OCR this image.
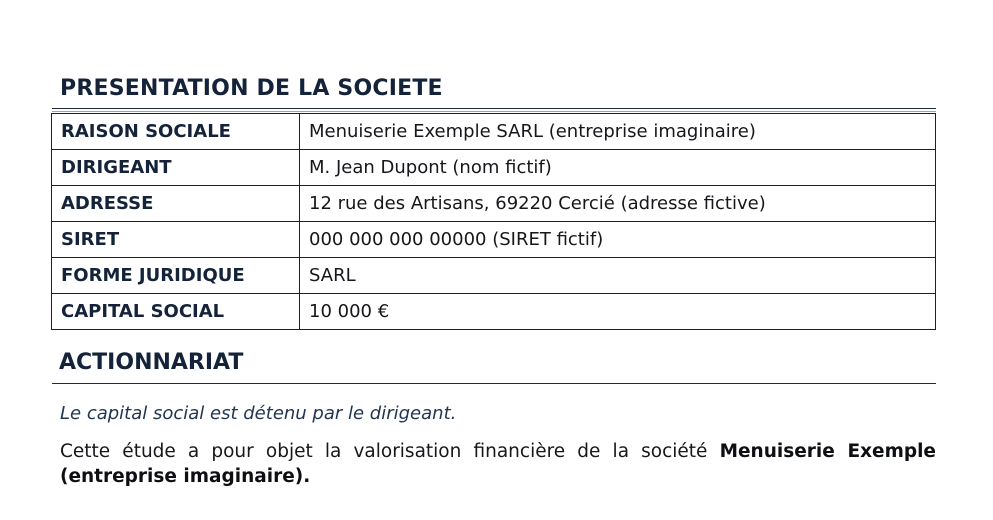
PRESENTATION DE LA SOCIETE
RAISON SOCIALE	Menuiserie Exemple SARL (entreprise imaginaire)
DIRIGEANT	M. Jean Dupont (nom fictif)
ADRESSE	12 rue des Artisans, 69220 Cercié (adresse fictive)
SIRET	000 000 000 00000 (SIRET fictif)
FORME JURIDIQUE	SARL
CAPITAL SOCIAL	10 000 €
ACTIONNARIAT

Le capital social est détenu par le dirigeant.

Cette étude a pour objet la valorisation financière de la société Menuiserie Exemple (entreprise imaginaire).
